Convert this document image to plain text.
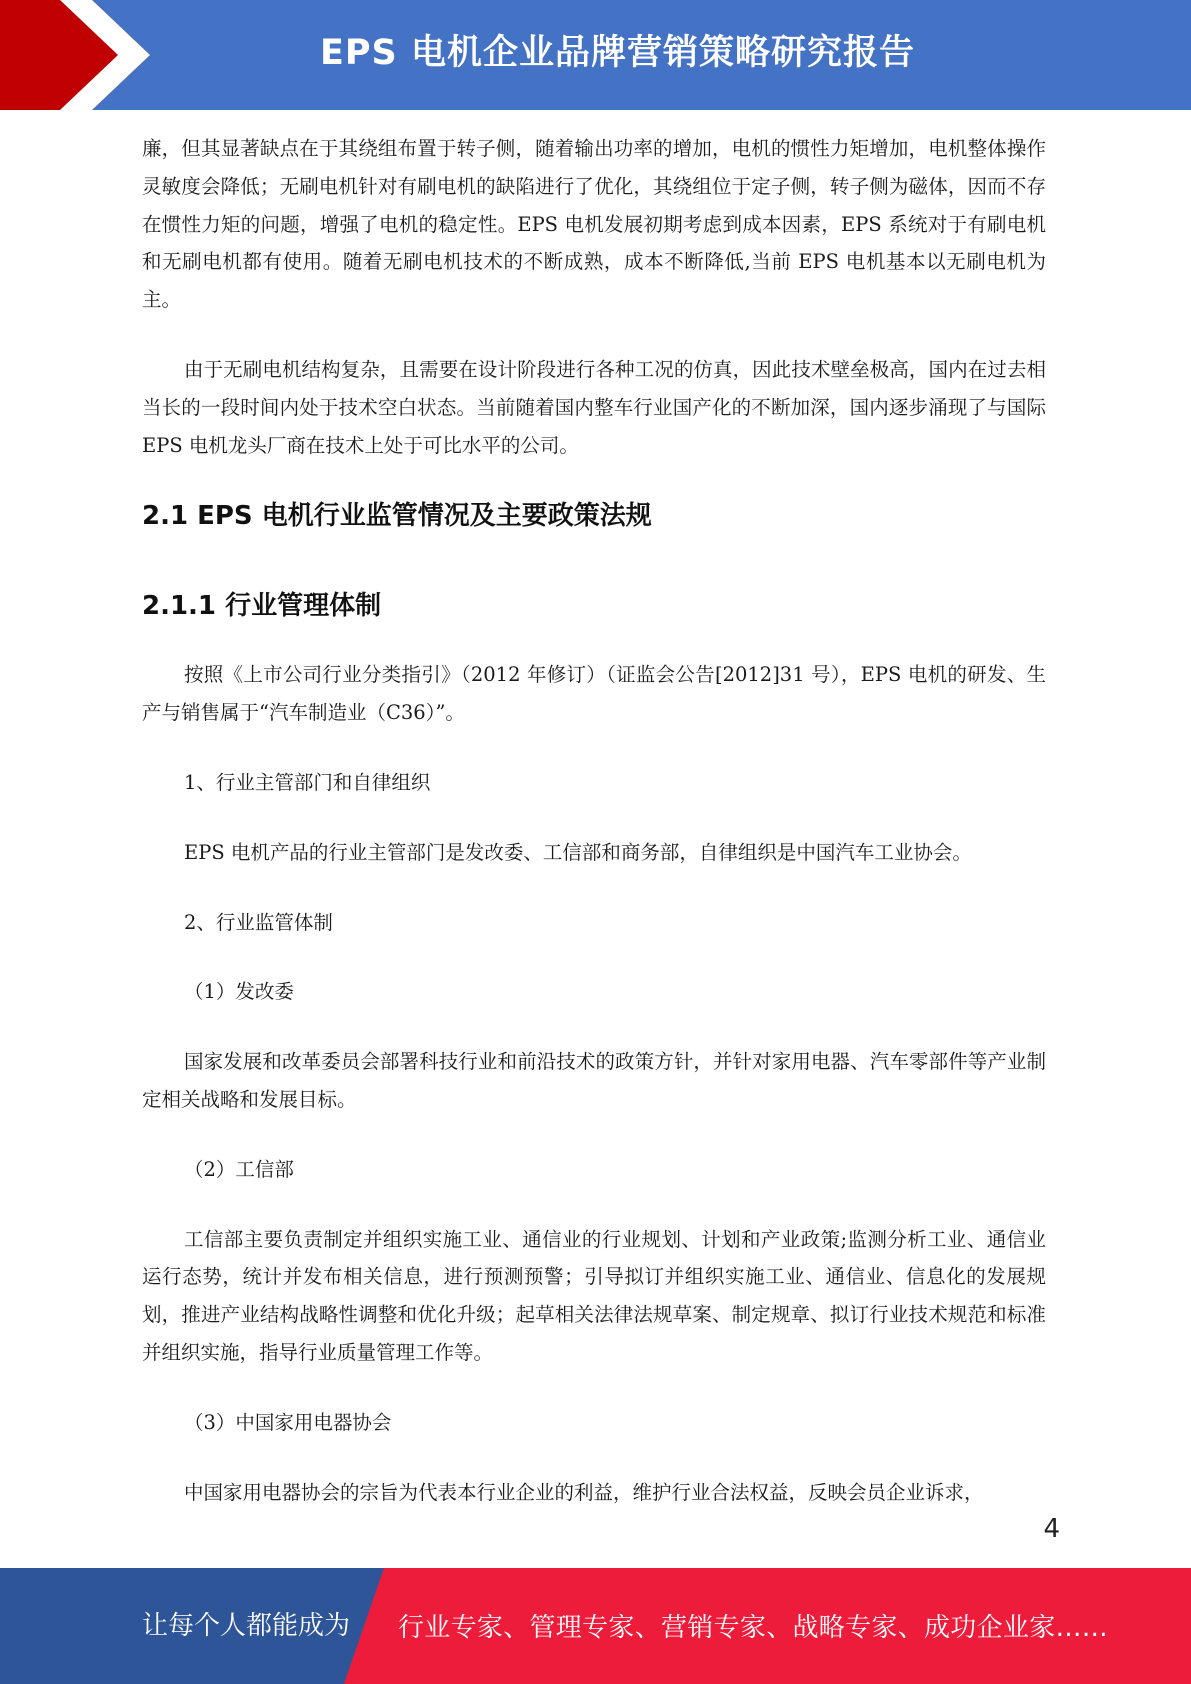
EPS 电机企业品牌营销策略研究报告

廉，但其显著缺点在于其绕组布置于转子侧，随着输出功率的增加，电机的惯性力矩增加，电机整体操作灵敏度会降低；无刷电机针对有刷电机的缺陷进行了优化，其绕组位于定子侧，转子侧为磁体，因而不存在惯性力矩的问题，增强了电机的稳定性。EPS 电机发展初期考虑到成本因素，EPS 系统对于有刷电机和无刷电机都有使用。随着无刷电机技术的不断成熟，成本不断降低,当前 EPS 电机基本以无刷电机为主。

由于无刷电机结构复杂，且需要在设计阶段进行各种工况的仿真，因此技术壁垒极高，国内在过去相当长的一段时间内处于技术空白状态。当前随着国内整车行业国产化的不断加深，国内逐步涌现了与国际 EPS 电机龙头厂商在技术上处于可比水平的公司。

2.1 EPS 电机行业监管情况及主要政策法规
2.1.1 行业管理体制

按照《上市公司行业分类指引》（2012 年修订）（证监会公告[2012]31 号），EPS 电机的研发、生产与销售属于“汽车制造业（C36）”。

1、行业主管部门和自律组织

EPS 电机产品的行业主管部门是发改委、工信部和商务部，自律组织是中国汽车工业协会。

2、行业监管体制

（1）发改委

国家发展和改革委员会部署科技行业和前沿技术的政策方针，并针对家用电器、汽车零部件等产业制定相关战略和发展目标。

（2）工信部

工信部主要负责制定并组织实施工业、通信业的行业规划、计划和产业政策;监测分析工业、通信业运行态势，统计并发布相关信息，进行预测预警；引导拟订并组织实施工业、通信业、信息化的发展规划，推进产业结构战略性调整和优化升级；起草相关法律法规草案、制定规章、拟订行业技术规范和标准并组织实施，指导行业质量管理工作等。

（3）中国家用电器协会

中国家用电器协会的宗旨为代表本行业企业的利益，维护行业合法权益，反映会员企业诉求，

4
让每个人都能成为 行业专家、管理专家、营销专家、战略专家、成功企业家……
